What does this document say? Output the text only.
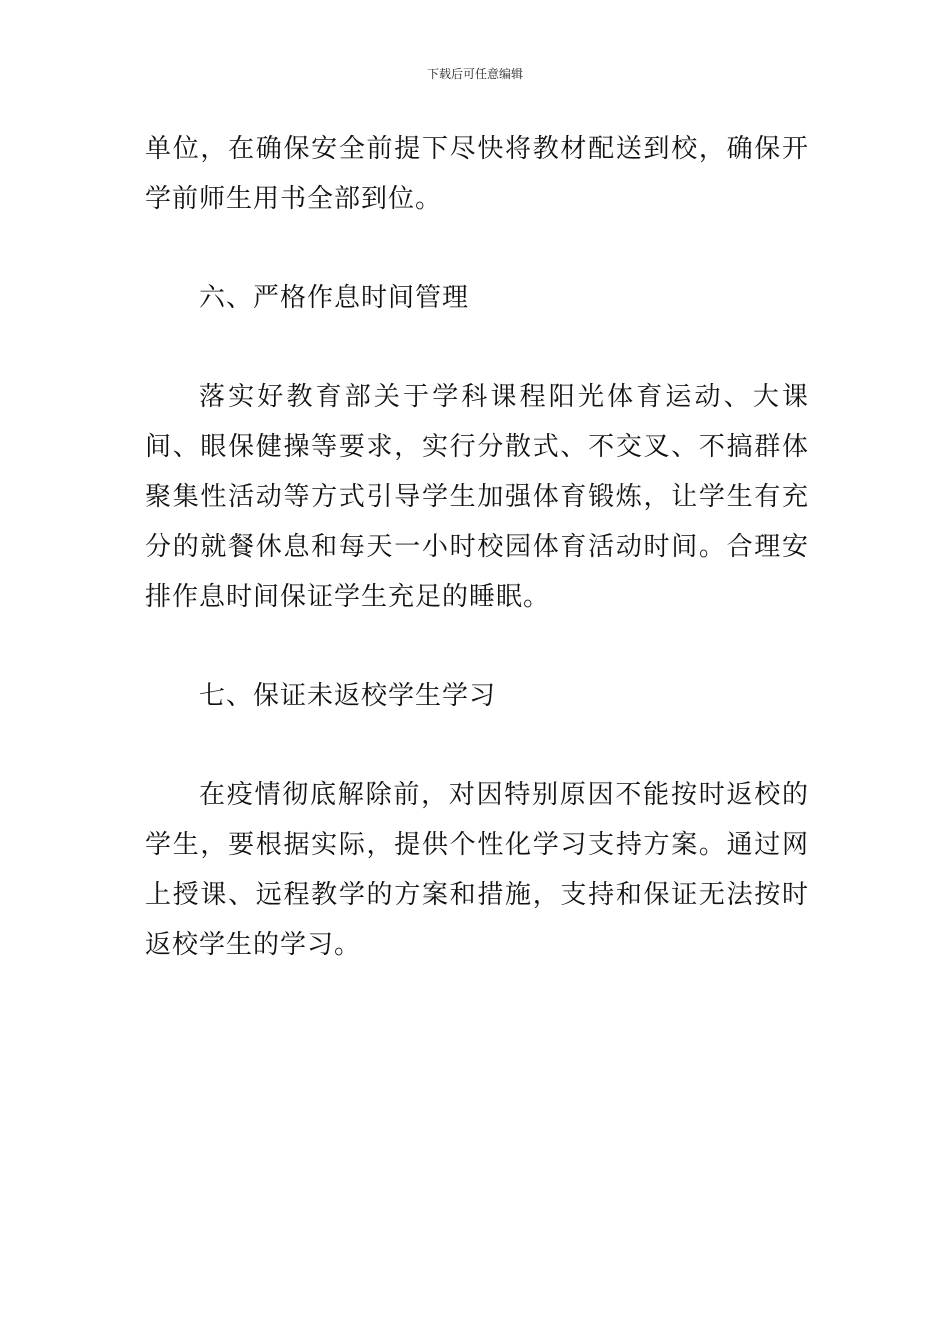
下载后可任意编辑

单位，在确保安全前提下尽快将教材配送到校，确保开学前师生用书全部到位。

六、严格作息时间管理

落实好教育部关于学科课程阳光体育运动、大课间、眼保健操等要求，实行分散式、不交叉、不搞群体聚集性活动等方式引导学生加强体育锻炼，让学生有充分的就餐休息和每天一小时校园体育活动时间。合理安排作息时间保证学生充足的睡眠。

七、保证未返校学生学习

在疫情彻底解除前，对因特别原因不能按时返校的学生，要根据实际，提供个性化学习支持方案。通过网上授课、远程教学的方案和措施，支持和保证无法按时返校学生的学习。
